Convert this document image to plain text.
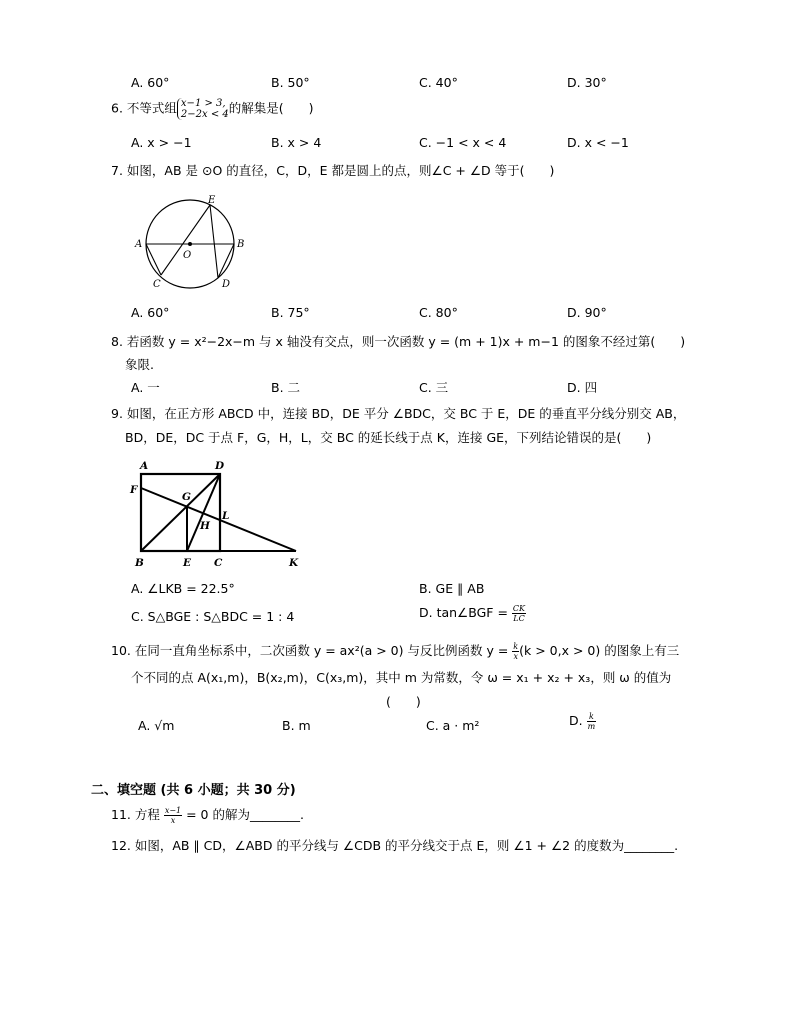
A. 60°	B. 50°	C. 40°	D. 30°
6. 不等式组 x−1 > 3,
2−2x < 4 的解集是(　　)
A. x > −1	B. x > 4	C. −1 < x < 4	D. x < −1
7. 如图，AB 是 ⊙O 的直径，C，D，E 都是圆上的点，则∠C + ∠D 等于(　　)
A	B
C	D
E
O
A. 60°	B. 75°	C. 80°	D. 90°
8. 若函数 y = x²−2x−m 与 x 轴没有交点，则一次函数 y = (m + 1)x + m−1 的图象不经过第(　　)
象限.
A. 一	B. 二	C. 三	D. 四
9. 如图，在正方形 ABCD 中，连接 BD，DE 平分 ∠BDC，交 BC 于 E，DE 的垂直平分线分别交 AB，
BD，DE，DC 于点 F，G，H，L，交 BC 的延长线于点 K，连接 GE，下列结论错误的是(　　)
A	D
F
G
H
L
B	E C	K
A. ∠LKB = 22.5°	B. GE ∥ AB
C. S△BGE : S△BDC = 1 : 4	D. tan∠BGF = $\frac{CK}{LC}$
10. 在同一直角坐标系中，二次函数 y = ax²(a > 0) 与反比例函数 $y = \frac{k}{x} (k > 0,x > 0)$ 的图象上有三
个不同的点 A(x₁,m)，B(x₂,m)，C(x₃,m)，其中 m 为常数，令 ω = x₁ + x₂ + x₃，则 ω 的值为
(　　)
A. √m	B. m	C. a · m²	D. $\frac{k}{m}$
二、填空题 (共 6 小题；共 30 分)
11. 方程 $\frac{x-1}{x} = 0$ 的解为________.
12. 如图，AB ∥ CD，∠ABD 的平分线与 ∠CDB 的平分线交于点 E，则 ∠1 + ∠2 的度数为________.
